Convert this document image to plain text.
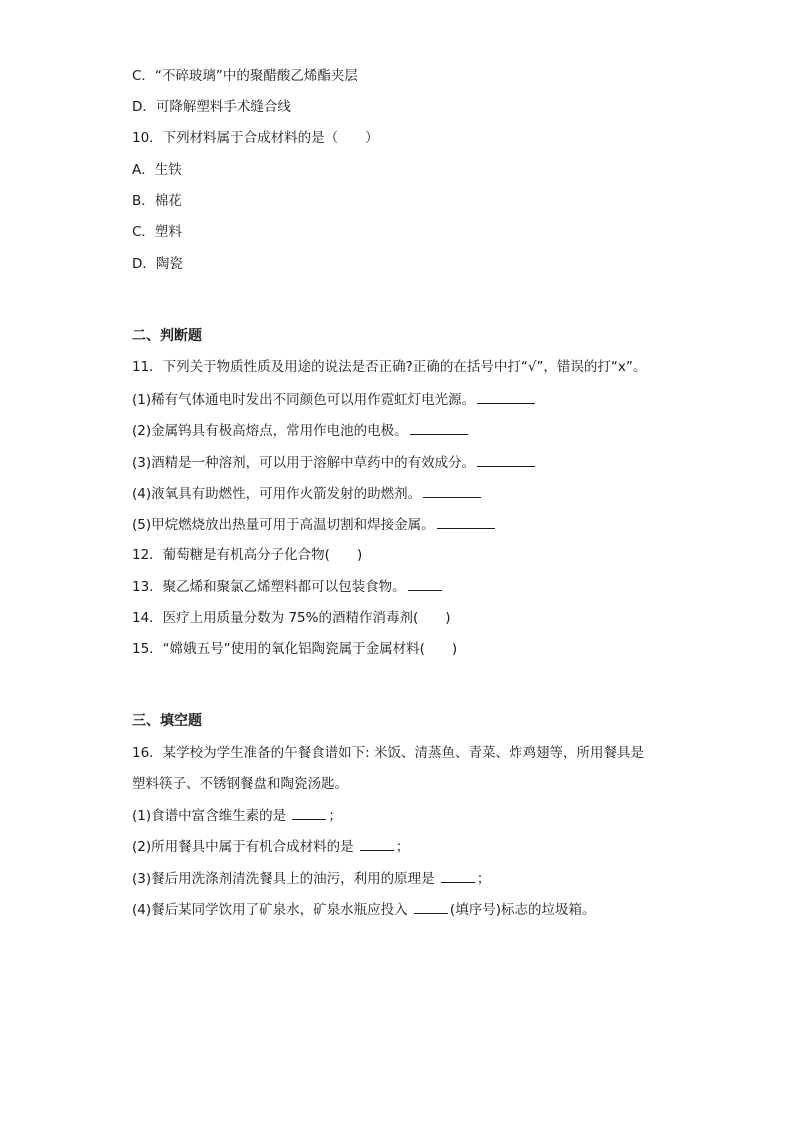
C．“不碎玻璃”中的聚醋酸乙烯酯夹层
D．可降解塑料手术缝合线
10．下列材料属于合成材料的是（　　）
A．生铁
B．棉花
C．塑料
D．陶瓷
二、判断题
11．下列关于物质性质及用途的说法是否正确?正确的在括号中打“√”，错误的打“x”。
(1)稀有气体通电时发出不同颜色可以用作霓虹灯电光源。
(2)金属钨具有极高熔点，常用作电池的电极。
(3)酒精是一种溶剂，可以用于溶解中草药中的有效成分。
(4)液氧具有助燃性，可用作火箭发射的助燃剂。
(5)甲烷燃烧放出热量可用于高温切割和焊接金属。
12．葡萄糖是有机高分子化合物(　　)
13．聚乙烯和聚氯乙烯塑料都可以包装食物。
14．医疗上用质量分数为 75%的酒精作消毒剂(　　)
15．“嫦娥五号”使用的氧化铝陶瓷属于金属材料(　　)
三、填空题
16．某学校为学生准备的午餐食谱如下: 米饭、清蒸鱼、青菜、炸鸡翅等，所用餐具是
塑料筷子、不锈钢餐盘和陶瓷汤匙。
(1)食谱中富含维生素的是	；
(2)所用餐具中属于有机合成材料的是	；
(3)餐后用洗涤剂清洗餐具上的油污，利用的原理是	；
(4)餐后某同学饮用了矿泉水，矿泉水瓶应投入	(填序号)标志的垃圾箱。
